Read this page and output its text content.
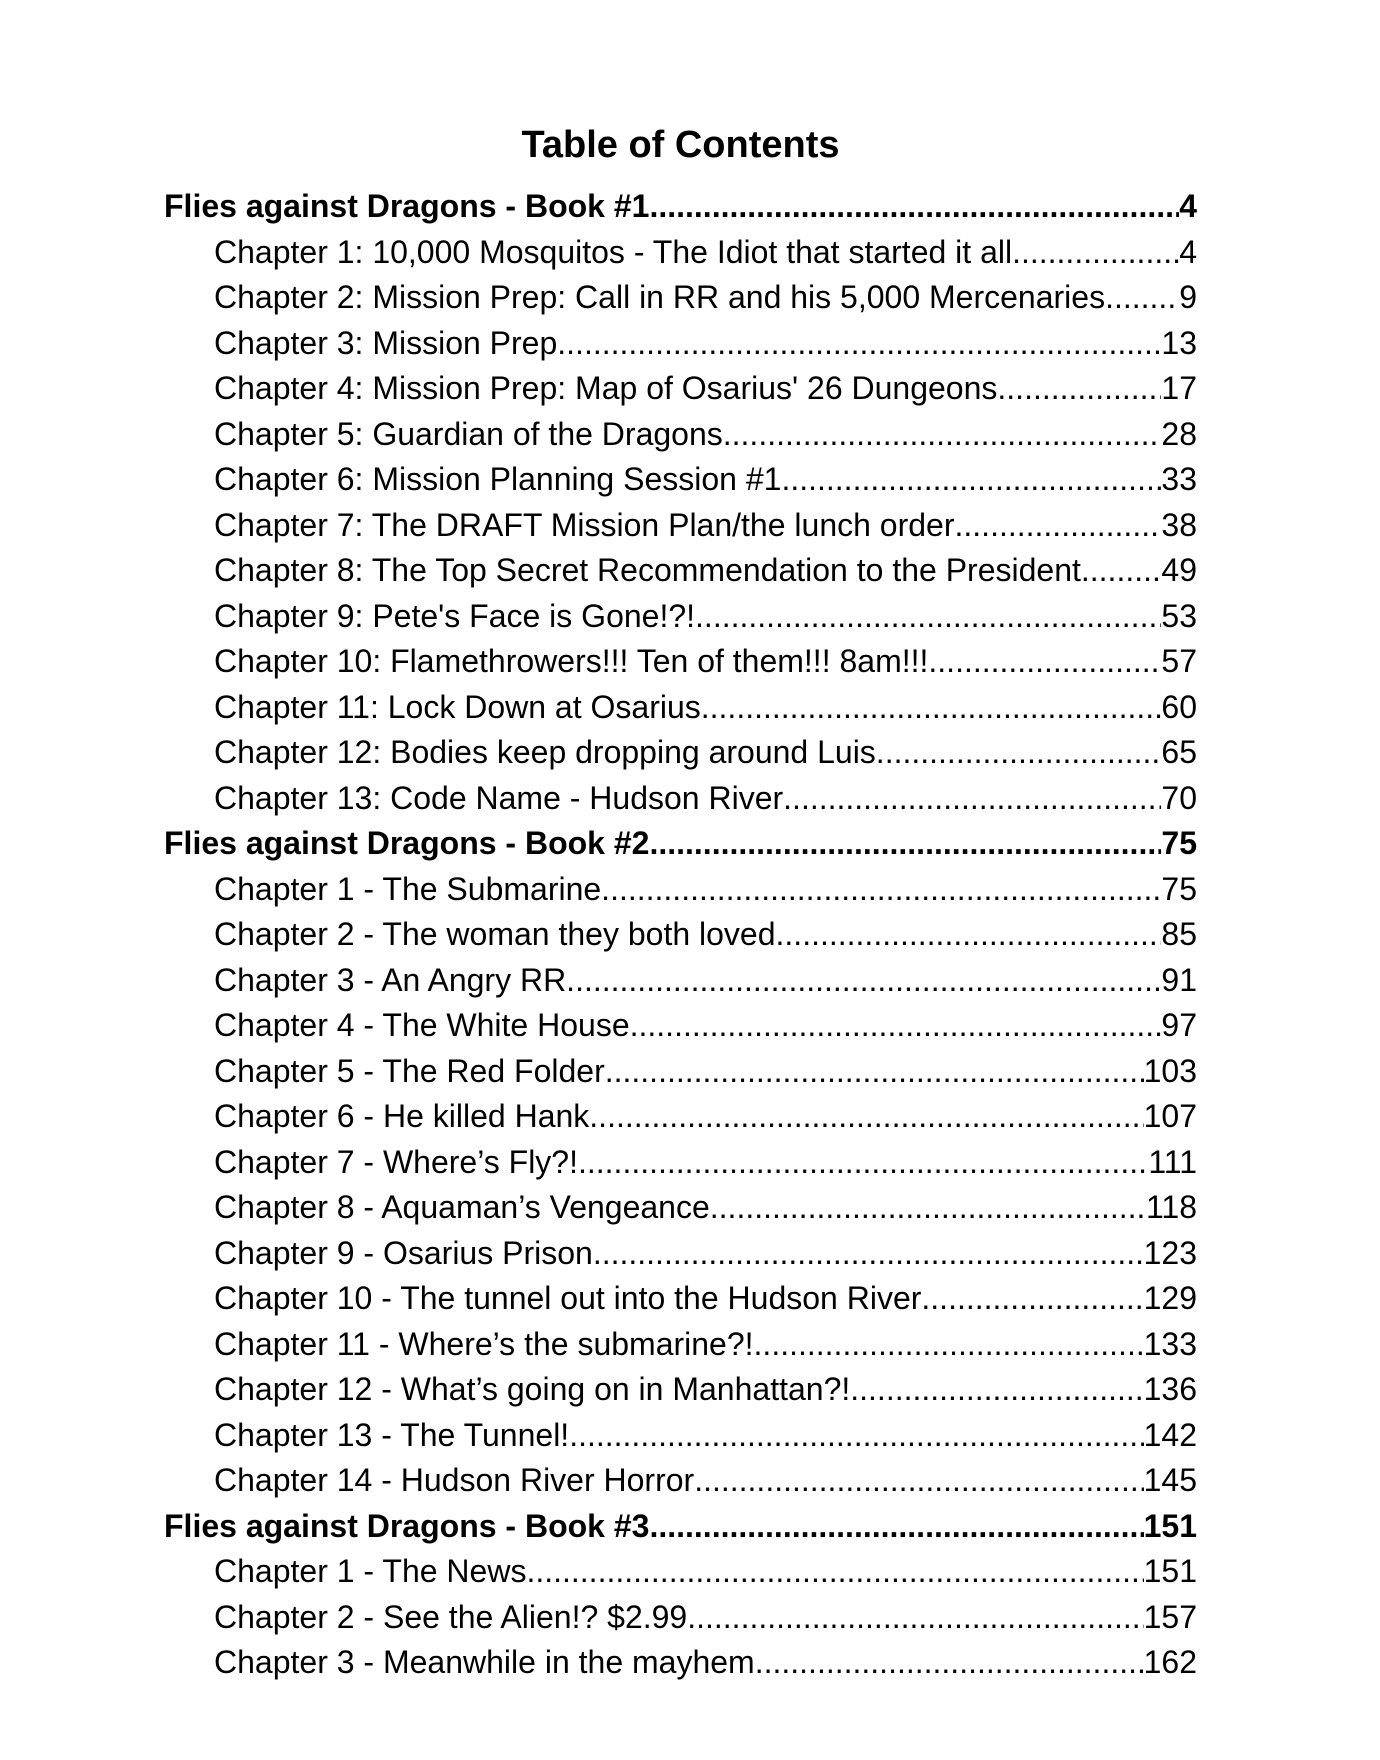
Table of Contents
Flies against Dragons - Book #1 .....	4
Chapter 1: 10,000 Mosquitos - The Idiot that started it all .....	4
Chapter 2: Mission Prep: Call in RR and his 5,000 Mercenaries ..... 9
Chapter 3: Mission Prep .....	13
Chapter 4: Mission Prep: Map of Osarius' 26 Dungeons .....	17
Chapter 5: Guardian of the Dragons .....	28
Chapter 6: Mission Planning Session #1 .....	33
Chapter 7: The DRAFT Mission Plan/the lunch order .....	38
Chapter 8: The Top Secret Recommendation to the President .....	49
Chapter 9: Pete's Face is Gone!?! .....	53
Chapter 10: Flamethrowers!!! Ten of them!!! 8am!!! .....	57
Chapter 11: Lock Down at Osarius .....	60
Chapter 12: Bodies keep dropping around Luis .....	65
Chapter 13: Code Name - Hudson River .....	70
Flies against Dragons - Book #2 .....	75
Chapter 1 - The Submarine .....	75
Chapter 2 - The woman they both loved .....	85
Chapter 3 - An Angry RR .....	91
Chapter 4 - The White House .....	97
Chapter 5 - The Red Folder .....	103
Chapter 6 - He killed Hank .....	107
Chapter 7 - Where’s Fly?! .....	111
Chapter 8 - Aquaman’s Vengeance .....	118
Chapter 9 - Osarius Prison .....	123
Chapter 10 - The tunnel out into the Hudson River .....	129
Chapter 11 - Where’s the submarine?! .....	133
Chapter 12 - What’s going on in Manhattan?! .....	136
Chapter 13 - The Tunnel! .....	142
Chapter 14 - Hudson River Horror .....	145
Flies against Dragons - Book #3 .....	151
Chapter 1 - The News .....	151
Chapter 2 - See the Alien!? $2.99 .....	157
Chapter 3 - Meanwhile in the mayhem .....	162
